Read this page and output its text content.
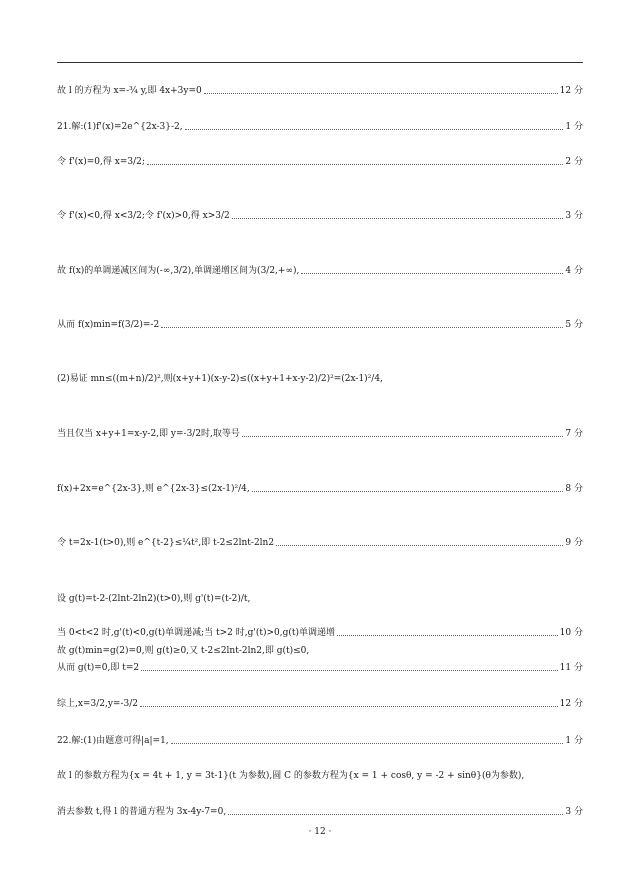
故 l 的方程为 x=-¾ y,即 4x+3y=0	12 分
21.解:(1)f'(x)=2e^{2x-3}-2,	1 分
令 f'(x)=0,得 x=3/2;	2 分
令 f'(x)<0,得 x<3/2;令 f'(x)>0,得 x>3/2	3 分
故 f(x)的单调递减区间为(-∞,3/2),单调递增区间为(3/2,+∞),	4 分
从而 f(x)min=f(3/2)=-2	5 分
(2)易证 mn≤((m+n)/2)²,则(x+y+1)(x-y-2)≤((x+y+1+x-y-2)/2)²=(2x-1)²/4,
当且仅当 x+y+1=x-y-2,即 y=-3/2时,取等号	7 分
f(x)+2x=e^{2x-3},则 e^{2x-3}≤(2x-1)²/4,	8 分
令 t=2x-1(t>0),则 e^{t-2}≤¼t²,即 t-2≤2lnt-2ln2	9 分
设 g(t)=t-2-(2lnt-2ln2)(t>0),则 g'(t)=(t-2)/t,
当 0<t<2 时,g'(t)<0,g(t)单调递减;当 t>2 时,g'(t)>0,g(t)单调递增	10 分
故 g(t)min=g(2)=0,则 g(t)≥0,又 t-2≤2lnt-2ln2,即 g(t)≤0,
从而 g(t)=0,即 t=2	11 分
综上,x=3/2,y=-3/2	12 分
22.解:(1)由题意可得|a|=1,	1 分
故 l 的参数方程为{x = 4t + 1, y = 3t-1}(t 为参数),圆 C 的参数方程为{x = 1 + cosθ, y = -2 + sinθ}(θ为参数),
消去参数 t,得 l 的普通方程为 3x-4y-7=0,	3 分
· 12 ·
